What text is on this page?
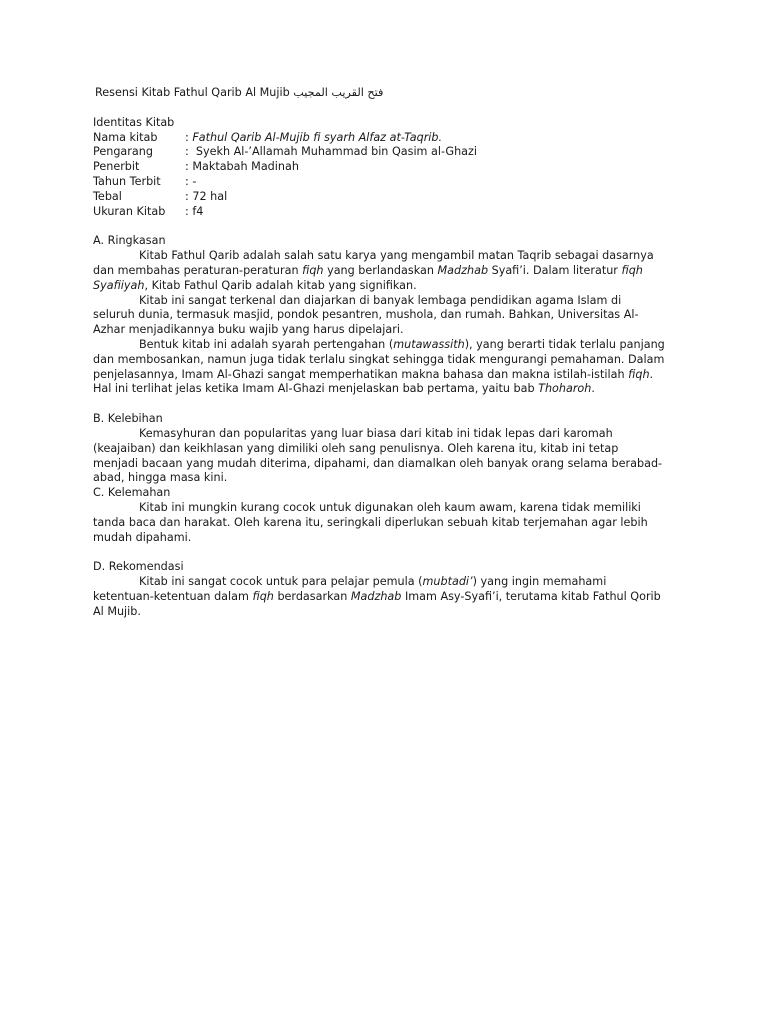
Resensi Kitab Fathul Qarib Al Mujib فتح القريب المجيب
Identitas Kitab
Nama kitab	: Fathul Qarib Al-Mujib fi syarh Alfaz at-Taqrib.
Pengarang	:  Syekh Al-’Allamah Muhammad bin Qasim al-Ghazi
Penerbit	: Maktabah Madinah
Tahun Terbit	: -
Tebal	: 72 hal
Ukuran Kitab	: f4
A. Ringkasan

Kitab Fathul Qarib adalah salah satu karya yang mengambil matan Taqrib sebagai dasarnya dan membahas peraturan-peraturan fiqh yang berlandaskan Madzhab Syafi’i. Dalam literatur fiqh Syafiiyah, Kitab Fathul Qarib adalah kitab yang signifikan.

Kitab ini sangat terkenal dan diajarkan di banyak lembaga pendidikan agama Islam di seluruh dunia, termasuk masjid, pondok pesantren, mushola, dan rumah. Bahkan, Universitas Al-Azhar menjadikannya buku wajib yang harus dipelajari.

Bentuk kitab ini adalah syarah pertengahan (mutawassith), yang berarti tidak terlalu panjang dan membosankan, namun juga tidak terlalu singkat sehingga tidak mengurangi pemahaman. Dalam penjelasannya, Imam Al-Ghazi sangat memperhatikan makna bahasa dan makna istilah-istilah fiqh. Hal ini terlihat jelas ketika Imam Al-Ghazi menjelaskan bab pertama, yaitu bab Thoharoh.

B. Kelebihan

Kemasyhuran dan popularitas yang luar biasa dari kitab ini tidak lepas dari karomah (keajaiban) dan keikhlasan yang dimiliki oleh sang penulisnya. Oleh karena itu, kitab ini tetap menjadi bacaan yang mudah diterima, dipahami, dan diamalkan oleh banyak orang selama berabad-abad, hingga masa kini.

C. Kelemahan

Kitab ini mungkin kurang cocok untuk digunakan oleh kaum awam, karena tidak memiliki tanda baca dan harakat. Oleh karena itu, seringkali diperlukan sebuah kitab terjemahan agar lebih mudah dipahami.

D. Rekomendasi

Kitab ini sangat cocok untuk para pelajar pemula (mubtadi’) yang ingin memahami ketentuan-ketentuan dalam fiqh berdasarkan Madzhab Imam Asy-Syafi’i, terutama kitab Fathul Qorib Al Mujib.
